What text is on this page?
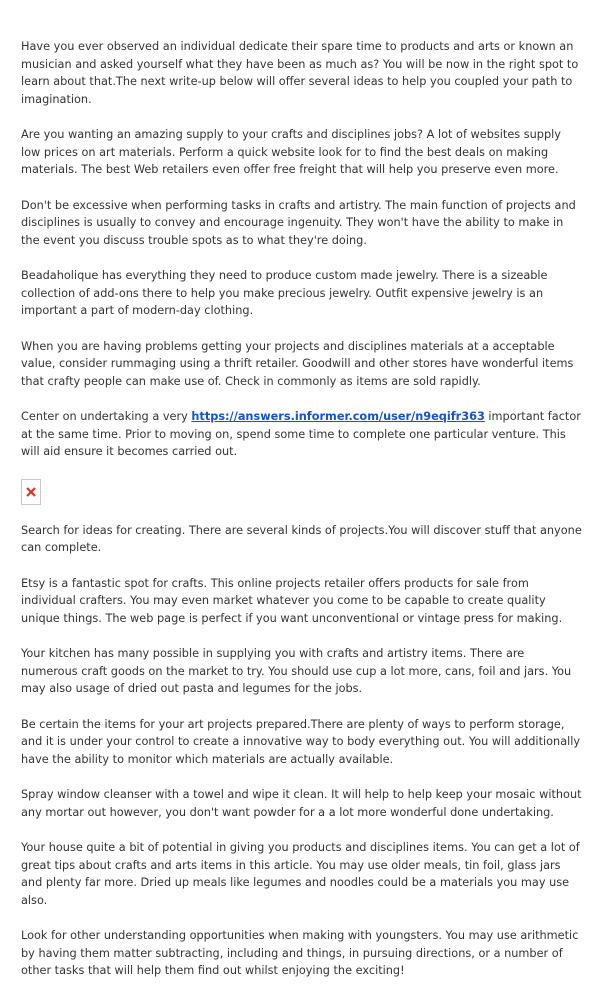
Have you ever observed an individual dedicate their spare time to products and arts or known an musician and asked yourself what they have been as much as? You will be now in the right spot to learn about that.The next write-up below will offer several ideas to help you coupled your path to imagination.

Are you wanting an amazing supply to your crafts and disciplines jobs? A lot of websites supply low prices on art materials. Perform a quick website look for to find the best deals on making materials. The best Web retailers even offer free freight that will help you preserve even more.

Don't be excessive when performing tasks in crafts and artistry. The main function of projects and disciplines is usually to convey and encourage ingenuity. They won't have the ability to make in the event you discuss trouble spots as to what they're doing.

Beadaholique has everything they need to produce custom made jewelry. There is a sizeable collection of add-ons there to help you make precious jewelry. Outfit expensive jewelry is an important a part of modern-day clothing.

When you are having problems getting your projects and disciplines materials at a acceptable value, consider rummaging using a thrift retailer. Goodwill and other stores have wonderful items that crafty people can make use of. Check in commonly as items are sold rapidly.

Center on undertaking a very https://answers.informer.com/user/n9eqifr363 important factor at the same time. Prior to moving on, spend some time to complete one particular venture. This will aid ensure it becomes carried out.

Search for ideas for creating. There are several kinds of projects.You will discover stuff that anyone can complete.

Etsy is a fantastic spot for crafts. This online projects retailer offers products for sale from individual crafters. You may even market whatever you come to be capable to create quality unique things. The web page is perfect if you want unconventional or vintage press for making.

Your kitchen has many possible in supplying you with crafts and artistry items. There are numerous craft goods on the market to try. You should use cup a lot more, cans, foil and jars. You may also usage of dried out pasta and legumes for the jobs.

Be certain the items for your art projects prepared.There are plenty of ways to perform storage, and it is under your control to create a innovative way to body everything out. You will additionally have the ability to monitor which materials are actually available.

Spray window cleanser with a towel and wipe it clean. It will help to help keep your mosaic without any mortar out however, you don't want powder for a a lot more wonderful done undertaking.

Your house quite a bit of potential in giving you products and disciplines items. You can get a lot of great tips about crafts and arts items in this article. You may use older meals, tin foil, glass jars and plenty far more. Dried up meals like legumes and noodles could be a materials you may use also.

Look for other understanding opportunities when making with youngsters. You may use arithmetic by having them matter subtracting, including and things, in pursuing directions, or a number of other tasks that will help them find out whilst enjoying the exciting!
